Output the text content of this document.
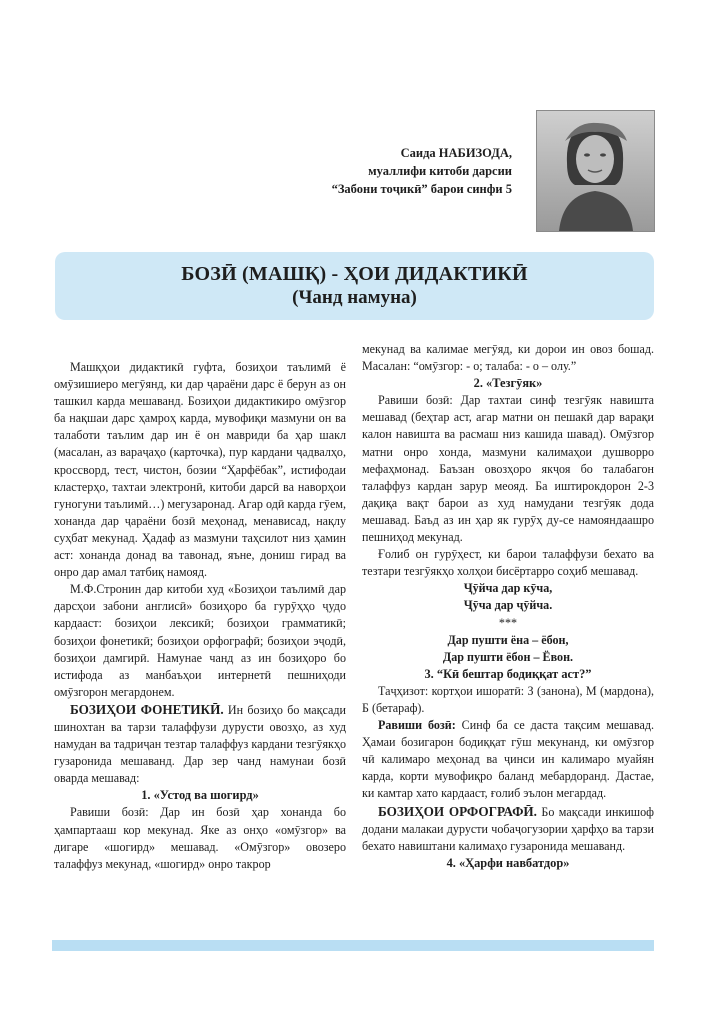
Саида НАБИЗОДА,
муаллифи китоби дарсии
“Забони тоҷикӣ” барои синфи 5
БОЗӢ (МАШҚ) - ҲОИ ДИДАКТИКӢ
(Чанд намуна)

Машқҳои дидактикӣ гуфта, бозиҳои таълимӣ ё омӯзишиеро мегӯянд, ки дар ҷараёни дарс ё берун аз он ташкил карда мешаванд. Бозиҳои дидактикиро омӯзгор ба нақшаи дарс ҳамроҳ карда, мувофиқи мазмуни он ва талаботи таълим дар ин ё он мавриди ба ҳар шакл (масалан, аз вараҷаҳо (карточка), пур кардани ҷадвалҳо, кроссворд, тест, чистон, бозии “Ҳарфёбак”, истифодаи кластерҳо, тахтаи электронӣ, китоби дарсӣ ва наворҳои гуногуни таълимӣ…) мегузаронад. Агар одӣ карда гӯем, хонанда дар ҷараёни бозӣ меҳонад, менависад, нақлу суҳбат мекунад. Ҳадаф аз мазмуни таҳсилот низ ҳамин аст: хонанда донад ва тавонад, яъне, дониш гирад ва онро дар амал татбиқ намояд.

М.Ф.Стронин дар китоби худ «Бозиҳои таълимӣ дар дарсҳои забони англисӣ» бозиҳоро ба гурӯҳҳо ҷудо кардааст: бозиҳои лексикӣ; бозиҳои грамматикӣ; бозиҳои фонетикӣ; бозиҳои орфографӣ; бозиҳои эҷодӣ, бозиҳои дамгирӣ. Намунае чанд аз ин бозиҳоро бо истифода аз манбаъҳои интернетӣ пешниҳоди омӯзгорон мегардонем.

БОЗИҲОИ ФОНЕТИКӢ. Ин бозиҳо бо мақсади шинохтан ва тарзи талаффузи дурусти овозҳо, аз худ намудан ва тадриҷан тезтар талаффуз кардани тезгӯякҳо гузаронида мешаванд. Дар зер чанд намунаи бозӣ оварда мешавад:

1. «Устод ва шогирд»

Равиши бозӣ: Дар ин бозӣ ҳар хонанда бо ҳампартааш кор мекунад. Яке аз онҳо «омӯзгор» ва дигаре «шогирд» мешавад. «Омӯзгор» овозеро талаффуз мекунад, «шогирд» онро такрор

мекунад ва калимае мегӯяд, ки дорои ин овоз бошад. Масалан: “омӯзгор: - о; талаба: - о – олу.”

2. «Тезгӯяк»

Равиши бозӣ: Дар тахтаи синф тезгӯяк навишта мешавад (беҳтар аст, агар матни он пешакӣ дар варақи калон навишта ва расмаш низ кашида шавад). Омӯзгор матни онро хонда, мазмуни калимаҳои душворро мефаҳмонад. Баъзан овозҳоро якҷоя бо талабагон талаффуз кардан зарур меояд. Ба иштирокдорон 2-3 дақиқа вақт барои аз худ намудани тезгӯяк дода мешавад. Баъд аз ин ҳар як гурӯҳ ду-се намояндаашро пешниҳод мекунад.

Ғолиб он гурӯҳест, ки барои талаффузи бехато ва тезтари тезгӯякҳо холҳои бисёртарро соҳиб мешавад.

Ҷӯйча дар кӯча,
Ҷӯча дар ҷӯйча.
***
Дар пушти ёна – ёбон,
Дар пушти ёбон – Ёвон.
3. “Кӣ бештар бодиққат аст?”

Таҷҳизот: кортҳои ишоратӣ: З (занона), М (мардона), Б (бетараф).

Равиши бозӣ: Синф ба се даста тақсим мешавад. Ҳамаи бозигарон бодиққат гӯш мекунанд, ки омӯзгор чӣ калимаро меҳонад ва ҷинси ин калимаро муайян карда, корти мувофиқро баланд мебардоранд. Дастае, ки камтар хато кардааст, ғолиб эълон мегардад.

БОЗИҲОИ ОРФОГРАФӢ. Бо мақсади инкишоф додани малакаи дурусти чобаҷогузории ҳарфҳо ва тарзи бехато навиштани калимаҳо гузаронида мешаванд.

4. «Ҳарфи навбатдор»
